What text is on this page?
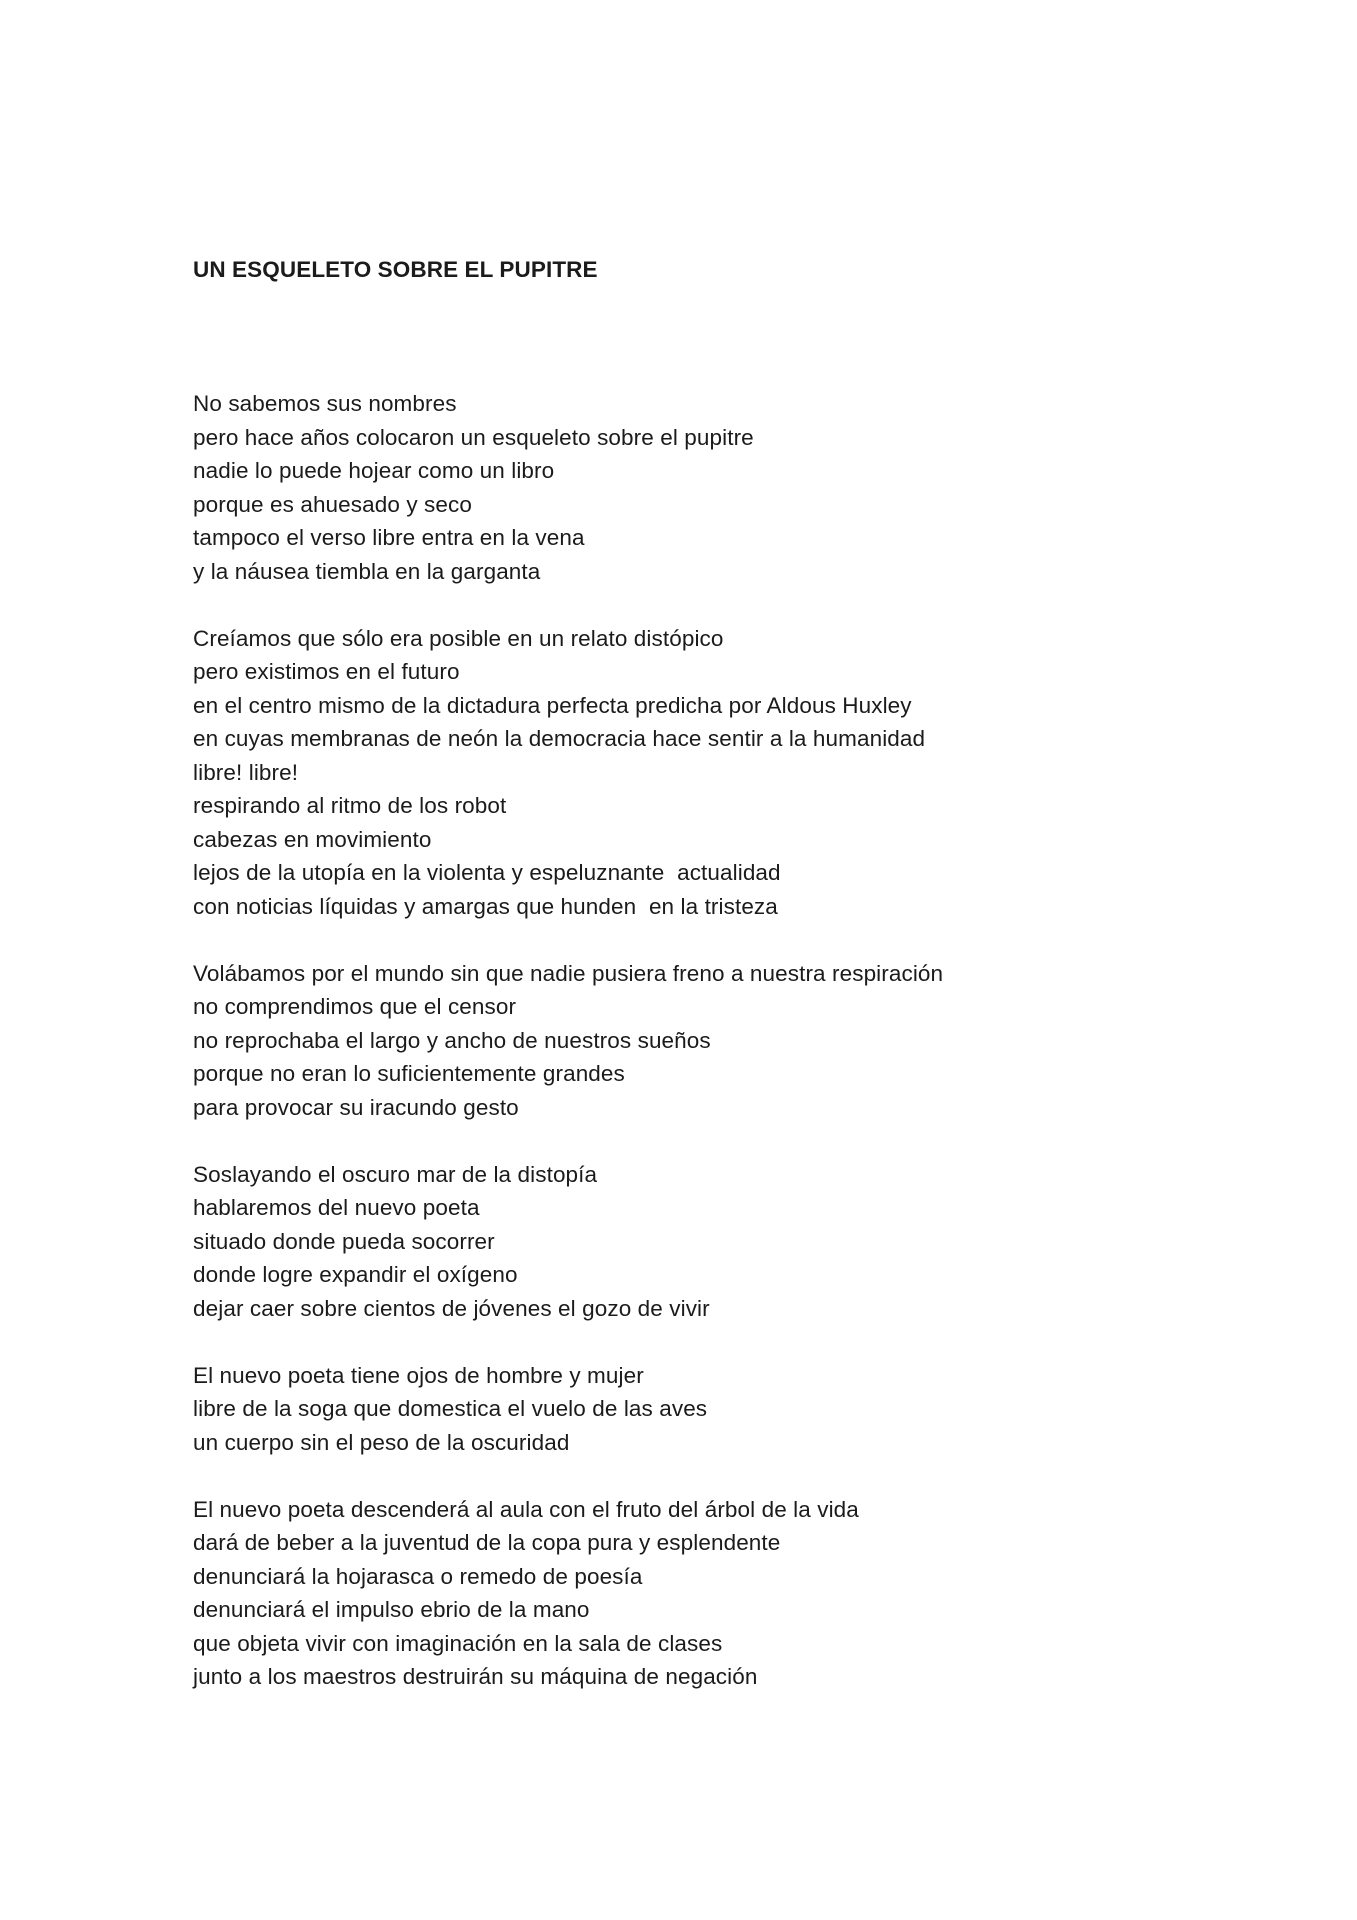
UN ESQUELETO SOBRE EL PUPITRE

No sabemos sus nombres
pero hace años colocaron un esqueleto sobre el pupitre
nadie lo puede hojear como un libro
porque es ahuesado y seco
tampoco el verso libre entra en la vena
y la náusea tiembla en la garganta
Creíamos que sólo era posible en un relato distópico
pero existimos en el futuro
en el centro mismo de la dictadura perfecta predicha por Aldous Huxley
en cuyas membranas de neón la democracia hace sentir a la humanidad
libre! libre!
respirando al ritmo de los robot
cabezas en movimiento
lejos de la utopía en la violenta y espeluznante  actualidad
con noticias líquidas y amargas que hunden  en la tristeza
Volábamos por el mundo sin que nadie pusiera freno a nuestra respiración
no comprendimos que el censor
no reprochaba el largo y ancho de nuestros sueños
porque no eran lo suficientemente grandes
para provocar su iracundo gesto
Soslayando el oscuro mar de la distopía
hablaremos del nuevo poeta
situado donde pueda socorrer
donde logre expandir el oxígeno
dejar caer sobre cientos de jóvenes el gozo de vivir
El nuevo poeta tiene ojos de hombre y mujer
libre de la soga que domestica el vuelo de las aves
un cuerpo sin el peso de la oscuridad
El nuevo poeta descenderá al aula con el fruto del árbol de la vida
dará de beber a la juventud de la copa pura y esplendente
denunciará la hojarasca o remedo de poesía
denunciará el impulso ebrio de la mano
que objeta vivir con imaginación en la sala de clases
junto a los maestros destruirán su máquina de negación
